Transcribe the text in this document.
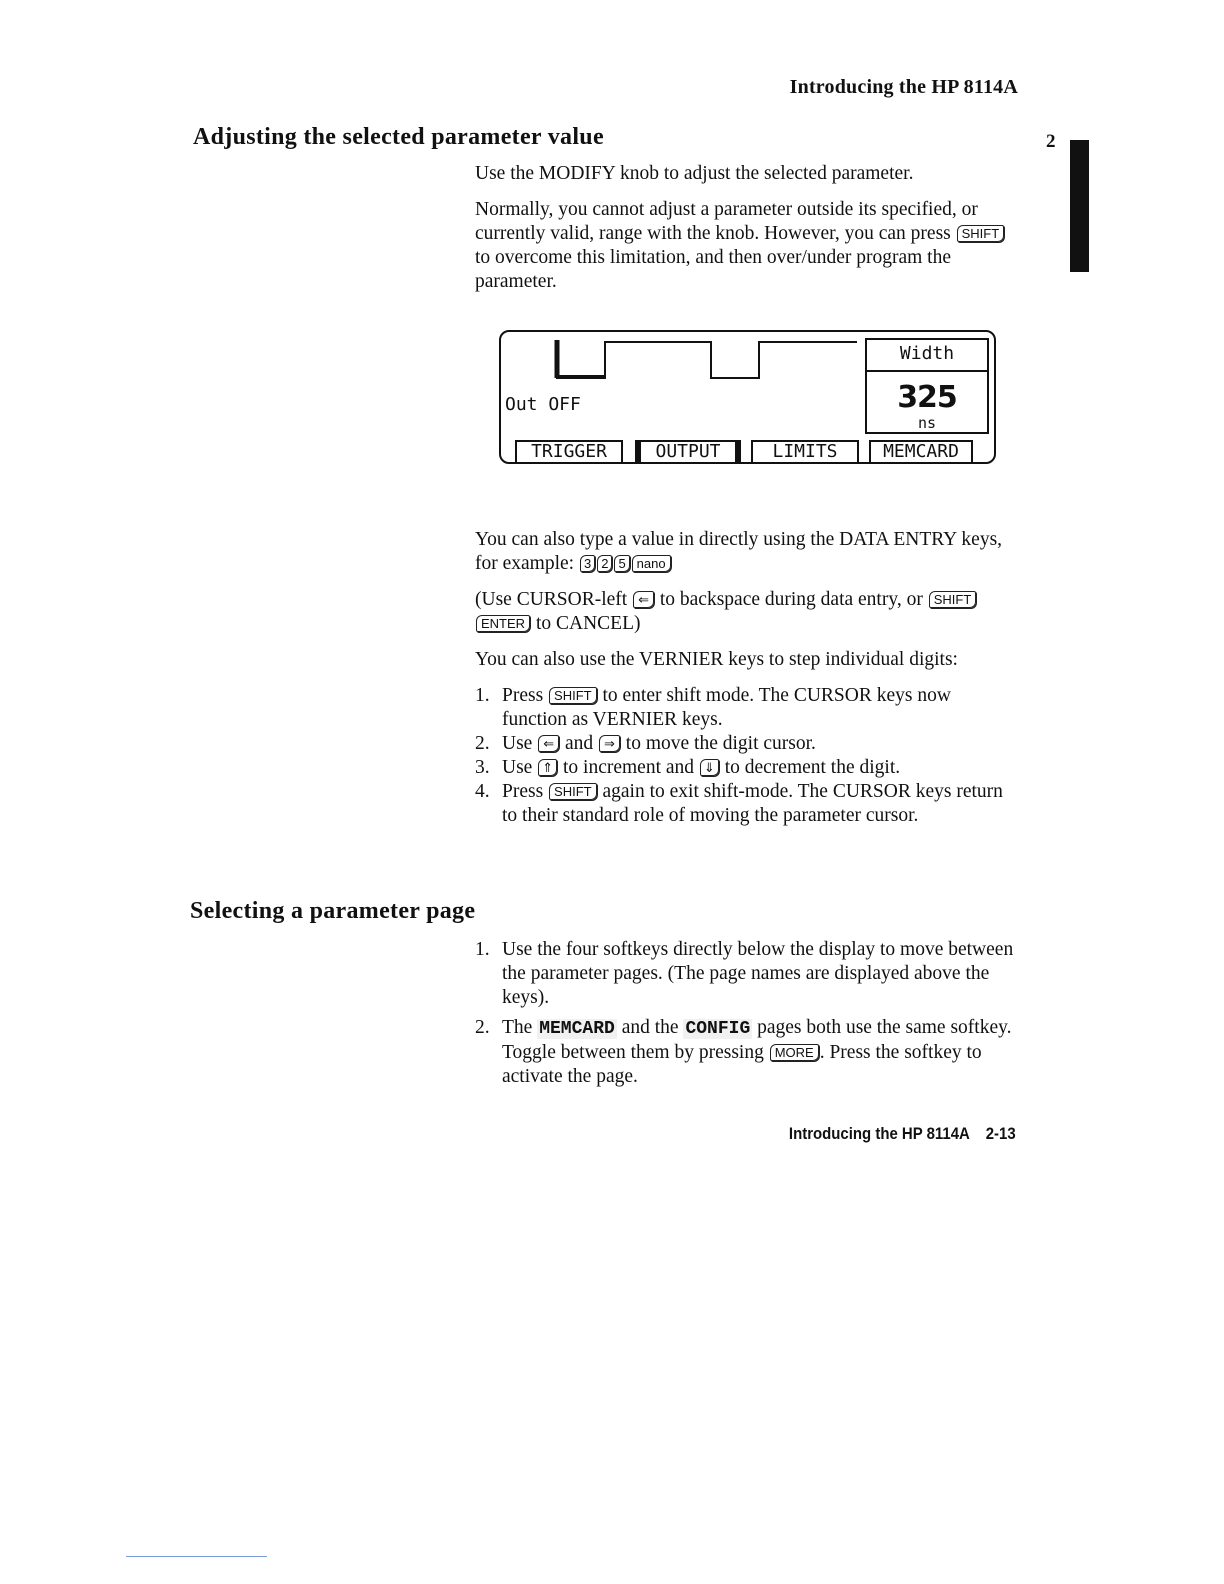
Introducing the HP 8114A
2
Adjusting the selected parameter value

Use the MODIFY knob to adjust the selected parameter.

Normally, you cannot adjust a parameter outside its specified, or currently valid, range with the knob. However, you can press SHIFT to overcome this limitation, and then over/under program the parameter.

Out OFF
Width
325
ns
TRIGGER	OUTPUT	LIMITS	MEMCARD

You can also type a value in directly using the DATA ENTRY keys, for example: 3 2 5 nano

(Use CURSOR-left ⇐ to backspace during data entry, or SHIFTENTER to CANCEL)

You can also use the VERNIER keys to step individual digits:

1. Press SHIFT to enter shift mode. The CURSOR keys now function as VERNIER keys.
2. Use ⇐ and ⇒ to move the digit cursor.
3. Use ⇑ to increment and ⇓ to decrement the digit.
4. Press SHIFT again to exit shift-mode. The CURSOR keys return to their standard role of moving the parameter cursor.
Selecting a parameter page
1. Use the four softkeys directly below the display to move between the parameter pages. (The page names are displayed above the keys).
2. The MEMCARD and the CONFIG pages both use the same softkey. Toggle between them by pressing MORE . Press the softkey to activate the page.
Introducing the HP 8114A 2-13
